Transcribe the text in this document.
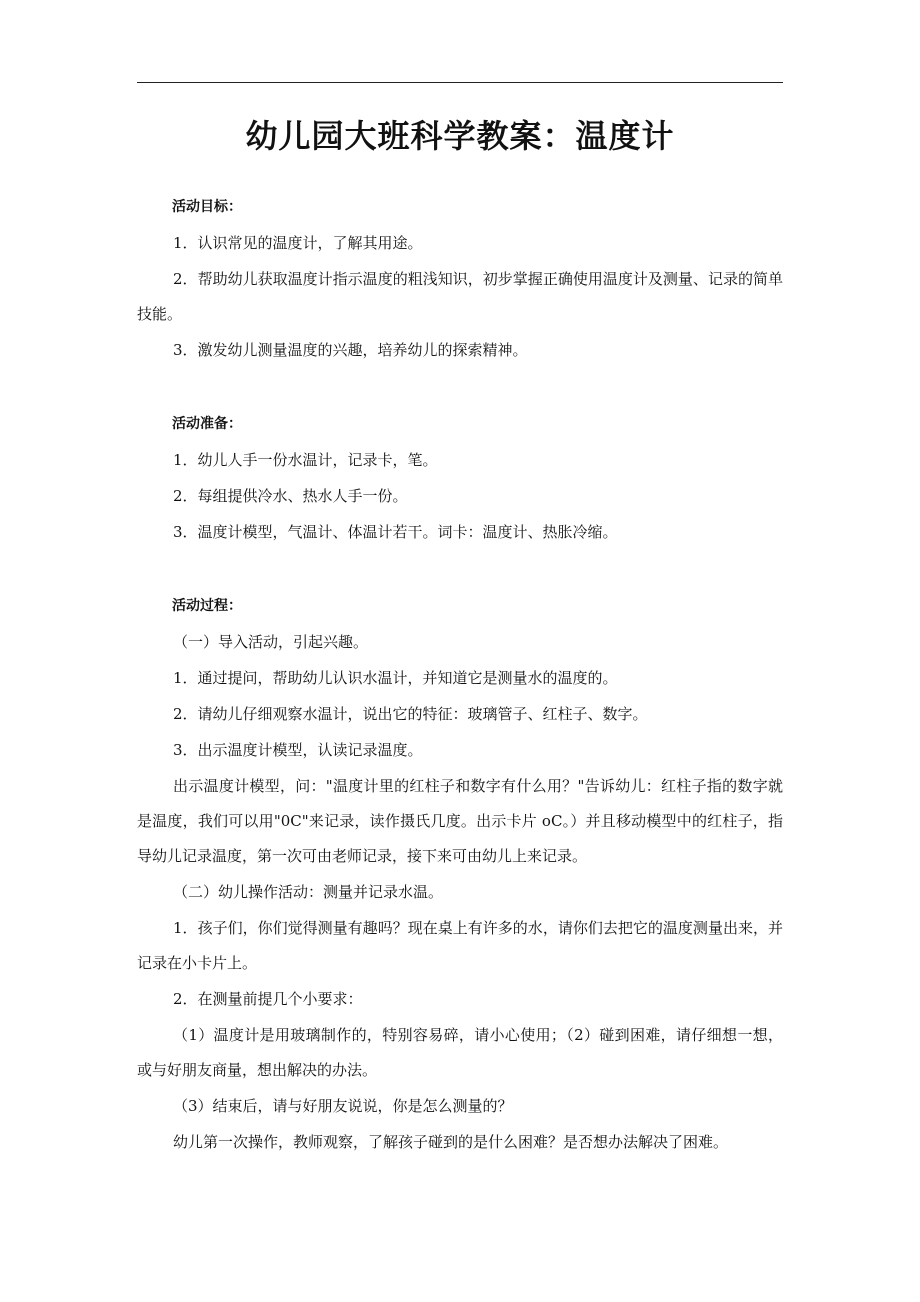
幼儿园大班科学教案：温度计
活动目标：

1．认识常见的温度计，了解其用途。

2．帮助幼儿获取温度计指示温度的粗浅知识，初步掌握正确使用温度计及测量、记录的简单技能。

3．激发幼儿测量温度的兴趣，培养幼儿的探索精神。

活动准备：

1．幼儿人手一份水温计，记录卡，笔。

2．每组提供冷水、热水人手一份。

3．温度计模型，气温计、体温计若干。词卡：温度计、热胀冷缩。

活动过程：

（一）导入活动，引起兴趣。

1．通过提问，帮助幼儿认识水温计，并知道它是测量水的温度的。

2．请幼儿仔细观察水温计，说出它的特征：玻璃管子、红柱子、数字。

3．出示温度计模型，认读记录温度。

出示温度计模型，问："温度计里的红柱子和数字有什么用？"告诉幼儿：红柱子指的数字就是温度，我们可以用"0C"来记录，读作摄氏几度。出示卡片 oC。）并且移动模型中的红柱子，指导幼儿记录温度，第一次可由老师记录，接下来可由幼儿上来记录。

（二）幼儿操作活动：测量并记录水温。

1．孩子们，你们觉得测量有趣吗？现在桌上有许多的水，请你们去把它的温度测量出来，并记录在小卡片上。

2．在测量前提几个小要求：

（1）温度计是用玻璃制作的，特别容易碎，请小心使用；（2）碰到困难，请仔细想一想，或与好朋友商量，想出解决的办法。

（3）结束后，请与好朋友说说，你是怎么测量的？

幼儿第一次操作，教师观察，了解孩子碰到的是什么困难？是否想办法解决了困难。
